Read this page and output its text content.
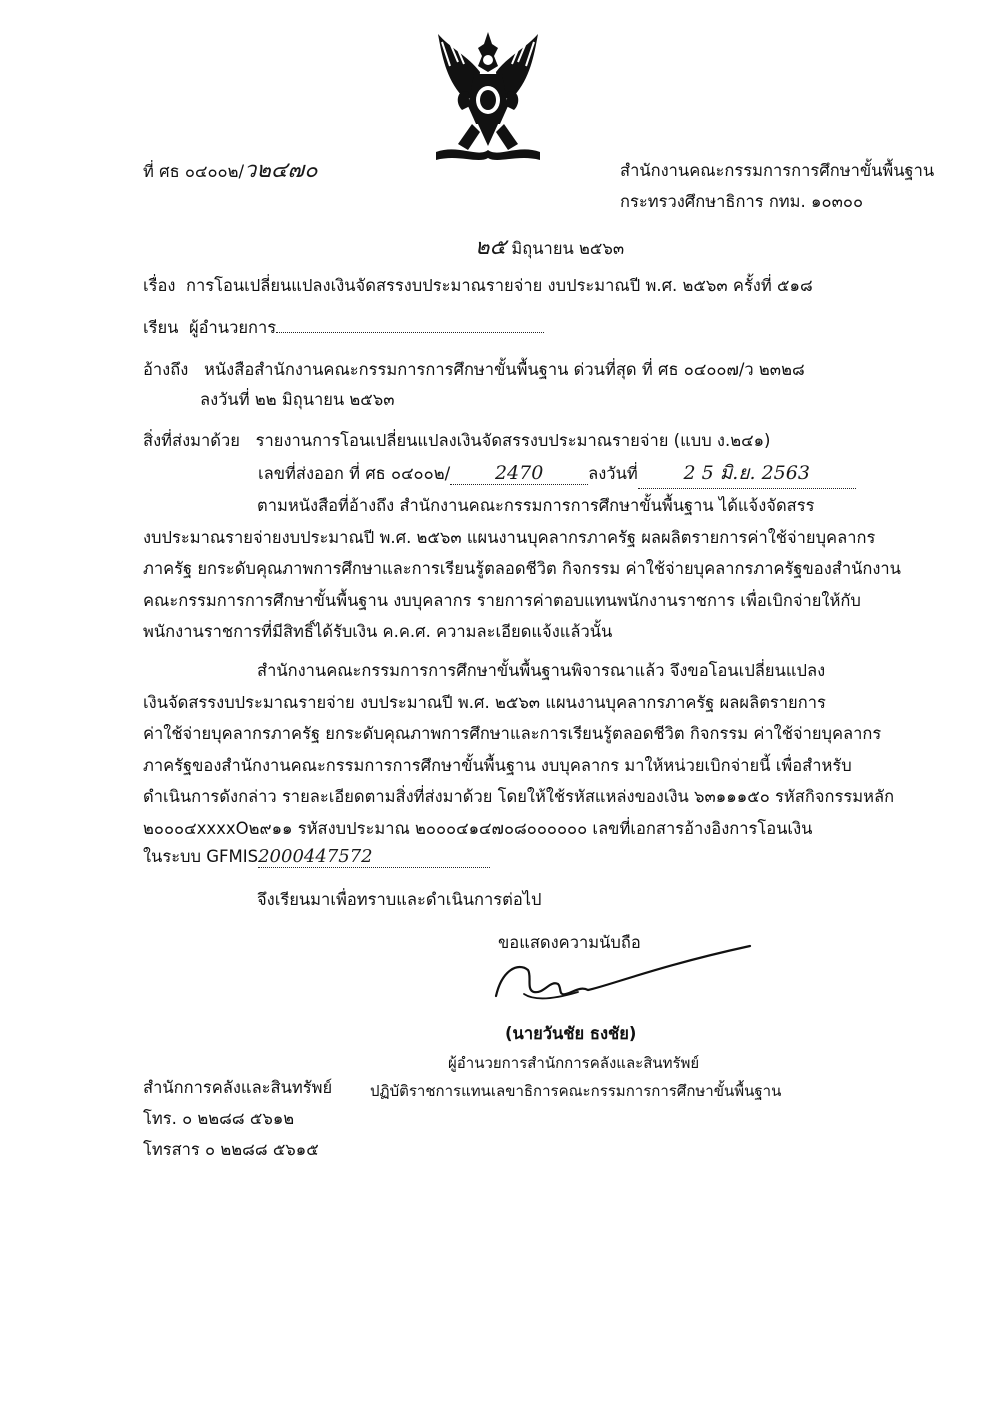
ที่ ศธ ๐๔๐๐๒/ว๒๔๗๐	สำนักงานคณะกรรมการการศึกษาขั้นพื้นฐาน
กระทรวงศึกษาธิการ กทม. ๑๐๓๐๐
๒๕ มิถุนายน ๒๕๖๓
เรื่อง การโอนเปลี่ยนแปลงเงินจัดสรรงบประมาณรายจ่าย งบประมาณปี พ.ศ. ๒๕๖๓ ครั้งที่ ๕๑๘
เรียน ผู้อำนวยการ
อ้างถึง หนังสือสำนักงานคณะกรรมการการศึกษาขั้นพื้นฐาน ด่วนที่สุด ที่ ศธ ๐๔๐๐๗/ว ๒๓๒๘
ลงวันที่ ๒๒ มิถุนายน ๒๕๖๓
สิ่งที่ส่งมาด้วย รายงานการโอนเปลี่ยนแปลงเงินจัดสรรงบประมาณรายจ่าย (แบบ ง.๒๔๑)
เลขที่ส่งออก ที่ ศธ ๐๔๐๐๒/ 2470	ลงวันที่ 2 5 มิ.ย. 2563
ตามหนังสือที่อ้างถึง สำนักงานคณะกรรมการการศึกษาขั้นพื้นฐาน ได้แจ้งจัดสรร
งบประมาณรายจ่ายงบประมาณปี พ.ศ. ๒๕๖๓ แผนงานบุคลากรภาครัฐ ผลผลิตรายการค่าใช้จ่ายบุคลากร
ภาครัฐ ยกระดับคุณภาพการศึกษาและการเรียนรู้ตลอดชีวิต กิจกรรม ค่าใช้จ่ายบุคลากรภาครัฐของสำนักงาน
คณะกรรมการการศึกษาขั้นพื้นฐาน งบบุคลากร รายการค่าตอบแทนพนักงานราชการ เพื่อเบิกจ่ายให้กับ
พนักงานราชการที่มีสิทธิ์ได้รับเงิน ค.ค.ศ. ความละเอียดแจ้งแล้วนั้น
สำนักงานคณะกรรมการการศึกษาขั้นพื้นฐานพิจารณาแล้ว จึงขอโอนเปลี่ยนแปลง
เงินจัดสรรงบประมาณรายจ่าย งบประมาณปี พ.ศ. ๒๕๖๓ แผนงานบุคลากรภาครัฐ ผลผลิตรายการ
ค่าใช้จ่ายบุคลากรภาครัฐ ยกระดับคุณภาพการศึกษาและการเรียนรู้ตลอดชีวิต กิจกรรม ค่าใช้จ่ายบุคลากร
ภาครัฐของสำนักงานคณะกรรมการการศึกษาขั้นพื้นฐาน งบบุคลากร มาให้หน่วยเบิกจ่ายนี้ เพื่อสำหรับ
ดำเนินการดังกล่าว รายละเอียดตามสิ่งที่ส่งมาด้วย โดยให้ใช้รหัสแหล่งของเงิน ๖๓๑๑๑๕๐ รหัสกิจกรรมหลัก
๒๐๐๐๔xxxxO๒๙๑๑ รหัสงบประมาณ ๒๐๐๐๔๑๔๗๐๘๐๐๐๐๐๐ เลขที่เอกสารอ้างอิงการโอนเงิน
ในระบบ GFMIS2000447572
จึงเรียนมาเพื่อทราบและดำเนินการต่อไป
ขอแสดงความนับถือ
(นายวันชัย ธงชัย)
ผู้อำนวยการสำนักการคลังและสินทรัพย์
ปฏิบัติราชการแทนเลขาธิการคณะกรรมการการศึกษาขั้นพื้นฐาน
สำนักการคลังและสินทรัพย์
โทร. ๐ ๒๒๘๘ ๕๖๑๒
โทรสาร ๐ ๒๒๘๘ ๕๖๑๕
